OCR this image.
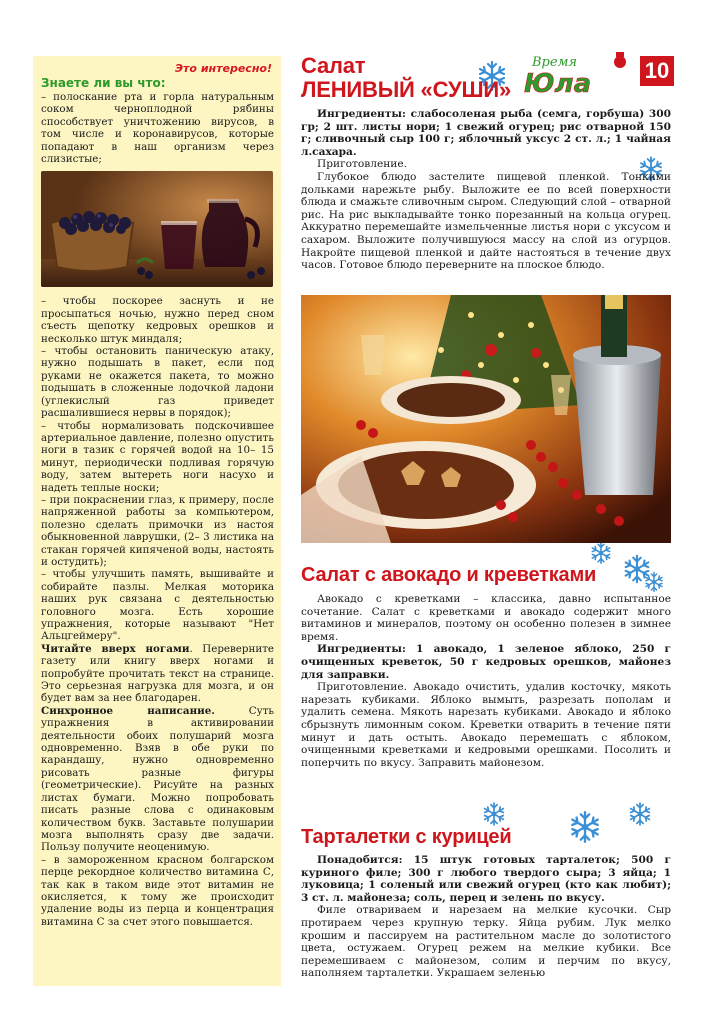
Это интересно!
Знаете ли вы что:

– полоскание рта и горла натуральным соком черноплодной рябины способствует уничтожению вирусов, в том числе и коронавирусов, которые попадают в наш организм через слизистые;

– чтобы поскорее заснуть и не просыпаться ночью, нужно перед сном съесть щепотку кедровых орешков и несколько штук миндаля;

– чтобы остановить паническую атаку, нужно подышать в пакет, если под руками не окажется пакета, то можно подышать в сложенные лодочкой ладони (углекислый газ приведет расшалившиеся нервы в порядок);

– чтобы нормализовать подскочившее артериальное давление, полезно опустить ноги в тазик с горячей водой на 10– 15 минут, периодически подливая горячую воду, затем вытереть ноги насухо и надеть теплые носки;

– при покраснении глаз, к примеру, после напряженной работы за компьютером, полезно сделать примочки из настоя обыкновенной лаврушки, (2– 3 листика на стакан горячей кипяченой воды, настоять и остудить);

– чтобы улучшить память, вышивайте и собирайте пазлы. Мелкая моторика наших рук связана с деятельностью головного мозга. Есть хорошие упражнения, которые называют "Нет Альцгеймеру".

Читайте вверх ногами. Переверните газету или книгу вверх ногами и попробуйте прочитать текст на странице. Это серьезная нагрузка для мозга, и он будет вам за нее благодарен.

Синхронное написание. Суть упражнения в активировании деятельности обоих полушарий мозга одновременно. Взяв в обе руки по карандашу, нужно одновременно рисовать разные фигуры (геометрические). Рисуйте на разных листах бумаги. Можно попробовать писать разные слова с одинаковым количеством букв. Заставьте полушарии мозга выполнять сразу две задачи. Пользу получите неоценимую.

– в замороженном красном болгарском перце рекордное количество витамина С, так как в таком виде этот витамин не окисляется, к тому же происходит удаление воды из перца и концентрация витамина С за счет этого повышается.

Время
Юла 10
Салат
ЛЕНИВЫЙ «СУШИ»

Ингредиенты: слабосоленая рыба (семга, горбуша) 300 гр; 2 шт. листы нори; 1 свежий огурец; рис отварной 150 г; сливочный сыр 100 г; яблочный уксус 2 ст. л.; 1 чайная л.сахара.

Приготовление.

Глубокое блюдо застелите пищевой пленкой. Тонкими дольками нарежьте рыбу. Выложите ее по всей поверхности блюда и смажьте сливочным сыром. Следующий слой – отварной рис. На рис выкладывайте тонко порезанный на кольца огурец. Аккуратно перемешайте измельченные листья нори с уксусом и сахаром. Выложите получившуюся массу на слой из огурцов. Накройте пищевой пленкой и дайте настояться в течение двух часов. Готовое блюдо переверните на плоское блюдо.

Салат с авокадо и креветками

Авокадо с креветками – классика, давно испытанное сочетание. Салат с креветками и авокадо содержит много витаминов и минералов, поэтому он особенно полезен в зимнее время.

Ингредиенты: 1 авокадо, 1 зеленое яблоко, 250 г очищенных креветок, 50 г кедровых орешков, майонез для заправки.

Приготовление. Авокадо очистить, удалив косточку, мякоть нарезать кубиками. Яблоко вымыть, разрезать пополам и удалить семена. Мякоть нарезать кубиками. Авокадо и яблоко сбрызнуть лимонным соком. Креветки отварить в течение пяти минут и дать остыть. Авокадо перемешать с яблоком, очищенными креветками и кедровыми орешками. Посолить и поперчить по вкусу. Заправить майонезом.

Тарталетки с курицей

Понадобится: 15 штук готовых тарталеток; 500 г куриного филе; 300 г любого твердого сыра; 3 яйца; 1 луковица; 1 соленый или свежий огурец (кто как любит); 3 ст. л. майонеза; соль, перец и зелень по вкусу.

Филе отвариваем и нарезаем на мелкие кусочки. Сыр протираем через крупную терку. Яйца рубим. Лук мелко крошим и пассируем на растительном масле до золотистого цвета, остужаем. Огурец режем на мелкие кубики. Все перемешиваем с майонезом, солим и перчим по вкусу, наполняем тарталетки. Украшаем зеленью
